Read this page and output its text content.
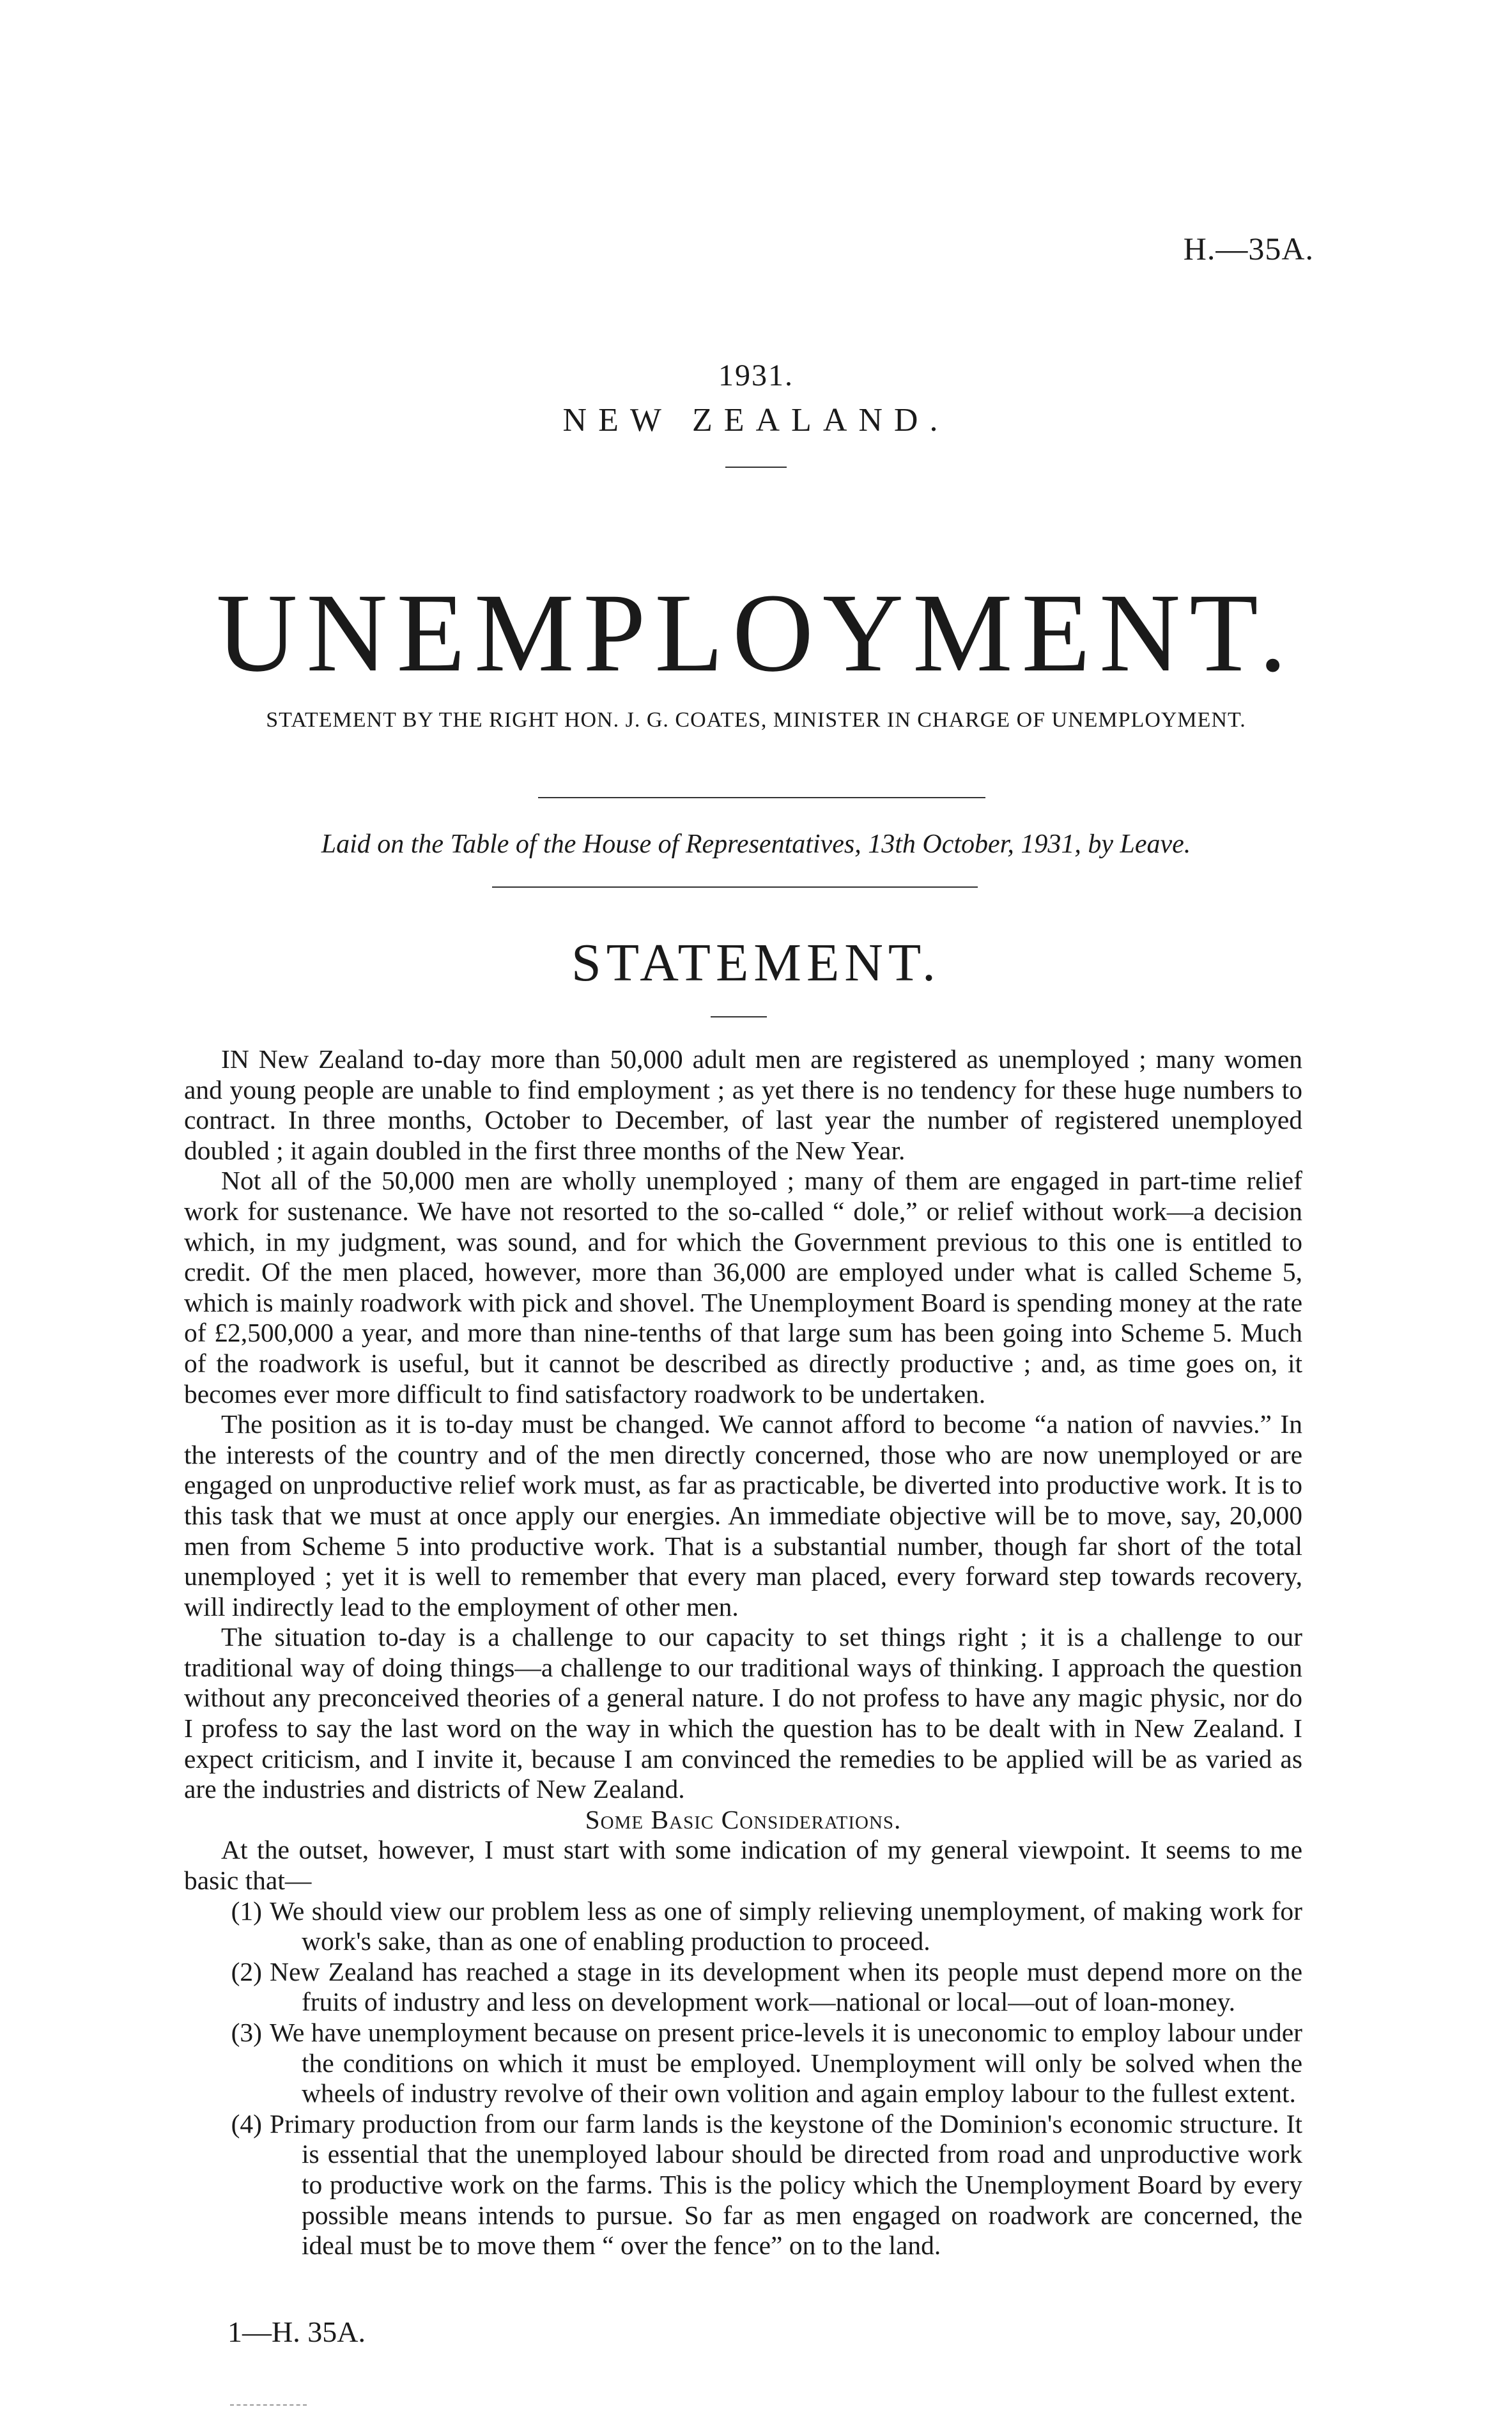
H.—35A.
1931.
NEW ZEALAND.
UNEMPLOYMENT.
STATEMENT BY THE RIGHT HON. J. G. COATES, MINISTER IN CHARGE OF UNEMPLOYMENT.
Laid on the Table of the House of Representatives, 13th October, 1931, by Leave.
STATEMENT.

IN New Zealand to-day more than 50,000 adult men are registered as unemployed ; many women and young people are unable to find employment ; as yet there is no tendency for these huge numbers to contract. In three months, October to December, of last year the number of registered unemployed doubled ; it again doubled in the first three months of the New Year.

Not all of the 50,000 men are wholly unemployed ; many of them are engaged in part-time relief work for sustenance. We have not resorted to the so-called “ dole,” or relief without work—a decision which, in my judgment, was sound, and for which the Government previous to this one is entitled to credit. Of the men placed, however, more than 36,000 are employed under what is called Scheme 5, which is mainly roadwork with pick and shovel. The Unemployment Board is spending money at the rate of £2,500,000 a year, and more than nine-tenths of that large sum has been going into Scheme 5. Much of the roadwork is useful, but it cannot be described as directly productive ; and, as time goes on, it becomes ever more difficult to find satisfactory roadwork to be undertaken.

The position as it is to-day must be changed. We cannot afford to become “a nation of navvies.” In the interests of the country and of the men directly concerned, those who are now unemployed or are engaged on unproductive relief work must, as far as practicable, be diverted into productive work. It is to this task that we must at once apply our energies. An immediate objective will be to move, say, 20,000 men from Scheme 5 into productive work. That is a substantial number, though far short of the total unemployed ; yet it is well to remember that every man placed, every forward step towards recovery, will indirectly lead to the employment of other men.

The situation to-day is a challenge to our capacity to set things right ; it is a challenge to our traditional way of doing things—a challenge to our traditional ways of thinking. I approach the question without any preconceived theories of a general nature. I do not profess to have any magic physic, nor do I profess to say the last word on the way in which the question has to be dealt with in New Zealand. I expect criticism, and I invite it, because I am convinced the remedies to be applied will be as varied as are the industries and districts of New Zealand.

Some Basic Considerations.

At the outset, however, I must start with some indication of my general viewpoint. It seems to me basic that—

(1) We should view our problem less as one of simply relieving unemployment, of making work for work's sake, than as one of enabling production to proceed.
(2) New Zealand has reached a stage in its development when its people must depend more on the fruits of industry and less on development work—national or local—out of loan-money.
(3) We have unemployment because on present price-levels it is uneconomic to employ labour under the conditions on which it must be employed. Unemployment will only be solved when the wheels of industry revolve of their own volition and again employ labour to the fullest extent.
(4) Primary production from our farm lands is the keystone of the Dominion's economic structure. It is essential that the unemployed labour should be directed from road and unproductive work to productive work on the farms. This is the policy which the Unemployment Board by every possible means intends to pursue. So far as men engaged on roadwork are concerned, the ideal must be to move them “ over the fence” on to the land.
1—H. 35A.
